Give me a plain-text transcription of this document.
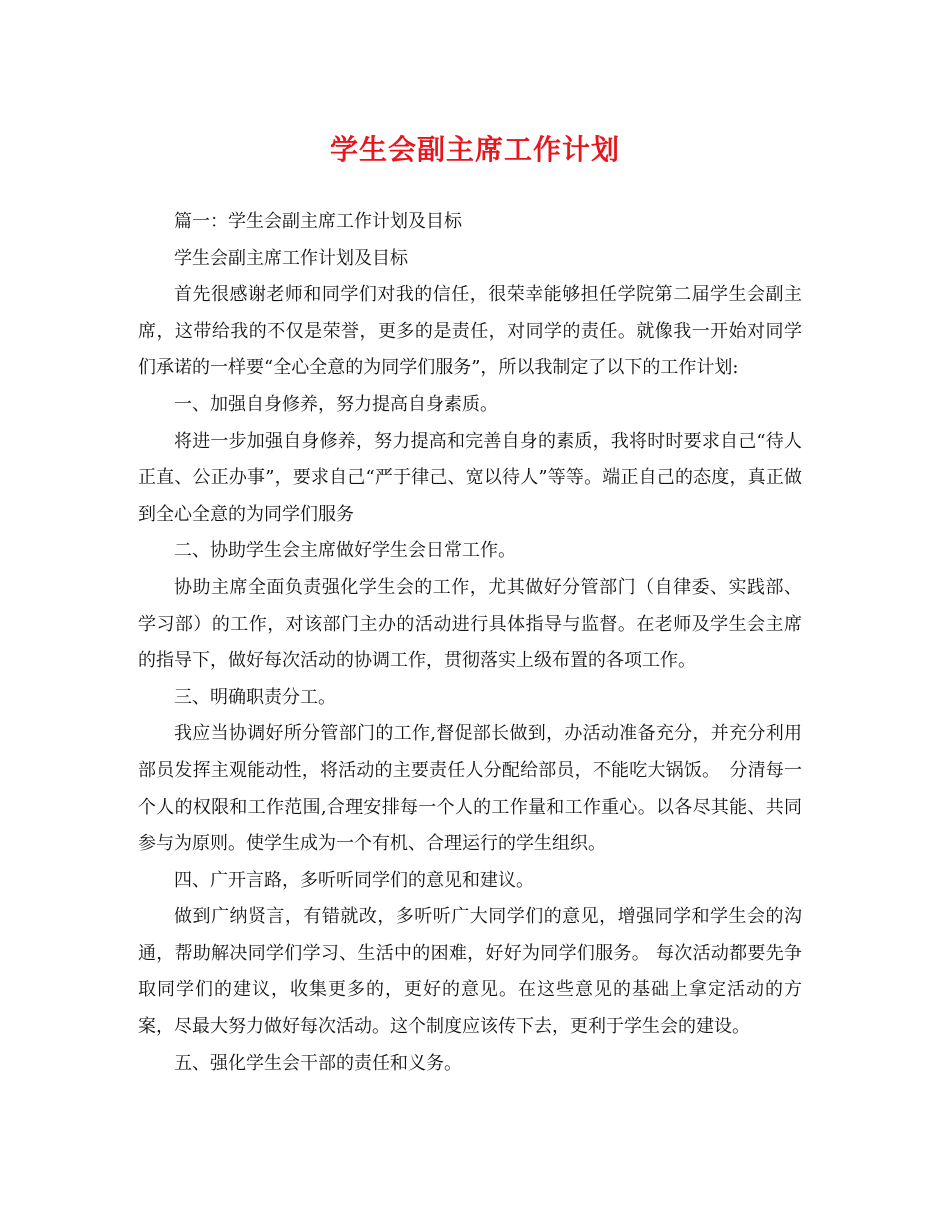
学生会副主席工作计划

篇一：学生会副主席工作计划及目标

学生会副主席工作计划及目标

首先很感谢老师和同学们对我的信任，很荣幸能够担任学院第二届学生会副主席，这带给我的不仅是荣誉，更多的是责任，对同学的责任。就像我一开始对同学们承诺的一样要“全心全意的为同学们服务”，所以我制定了以下的工作计划:

一、加强自身修养，努力提高自身素质。

将进一步加强自身修养，努力提高和完善自身的素质，我将时时要求自己“待人正直、公正办事”，要求自己“严于律己、宽以待人”等等。端正自己的态度，真正做到全心全意的为同学们服务

二、协助学生会主席做好学生会日常工作。

协助主席全面负责强化学生会的工作，尤其做好分管部门（自律委、实践部、学习部）的工作，对该部门主办的活动进行具体指导与监督。在老师及学生会主席的指导下，做好每次活动的协调工作，贯彻落实上级布置的各项工作。

三、明确职责分工。

我应当协调好所分管部门的工作,督促部长做到，办活动准备充分，并充分利用部员发挥主观能动性，将活动的主要责任人分配给部员，不能吃大锅饭。　分清每一个人的权限和工作范围,合理安排每一个人的工作量和工作重心。以各尽其能、共同参与为原则。使学生成为一个有机、合理运行的学生组织。

四、广开言路，多听听同学们的意见和建议。

做到广纳贤言，有错就改，多听听广大同学们的意见，增强同学和学生会的沟通，帮助解决同学们学习、生活中的困难，好好为同学们服务。 每次活动都要先争取同学们的建议，收集更多的，更好的意见。在这些意见的基础上拿定活动的方案，尽最大努力做好每次活动。这个制度应该传下去，更利于学生会的建设。

五、强化学生会干部的责任和义务。
